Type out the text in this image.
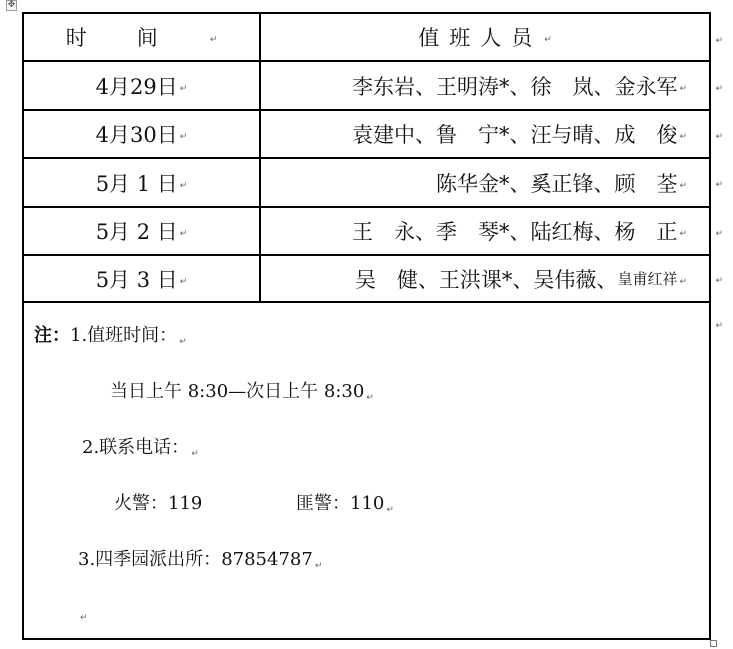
✥
时间 ↵	值班人员 ↵
4月29日 ↵	李东岩、王明涛*、徐　岚、金永军 ↵
4月30日 ↵	袁建中、鲁　宁*、汪与晴、成　俊 ↵
5月 1 日 ↵	陈华金*、奚正锋、顾　荃 ↵
5月 2 日 ↵	王　永、季　琴*、陆红梅、杨　正 ↵
5月 3 日 ↵	吴　健、王洪课*、吴伟薇、 皇甫红祥 ↵
注：1.值班时间： ↵
当日上午 8:30—次日上午 8:30 ↵
2.联系电话： ↵
火警：119	匪警：110 ↵
3.四季园派出所：87854787 ↵
↵
↵
↵
↵
↵
↵
↵
↵
